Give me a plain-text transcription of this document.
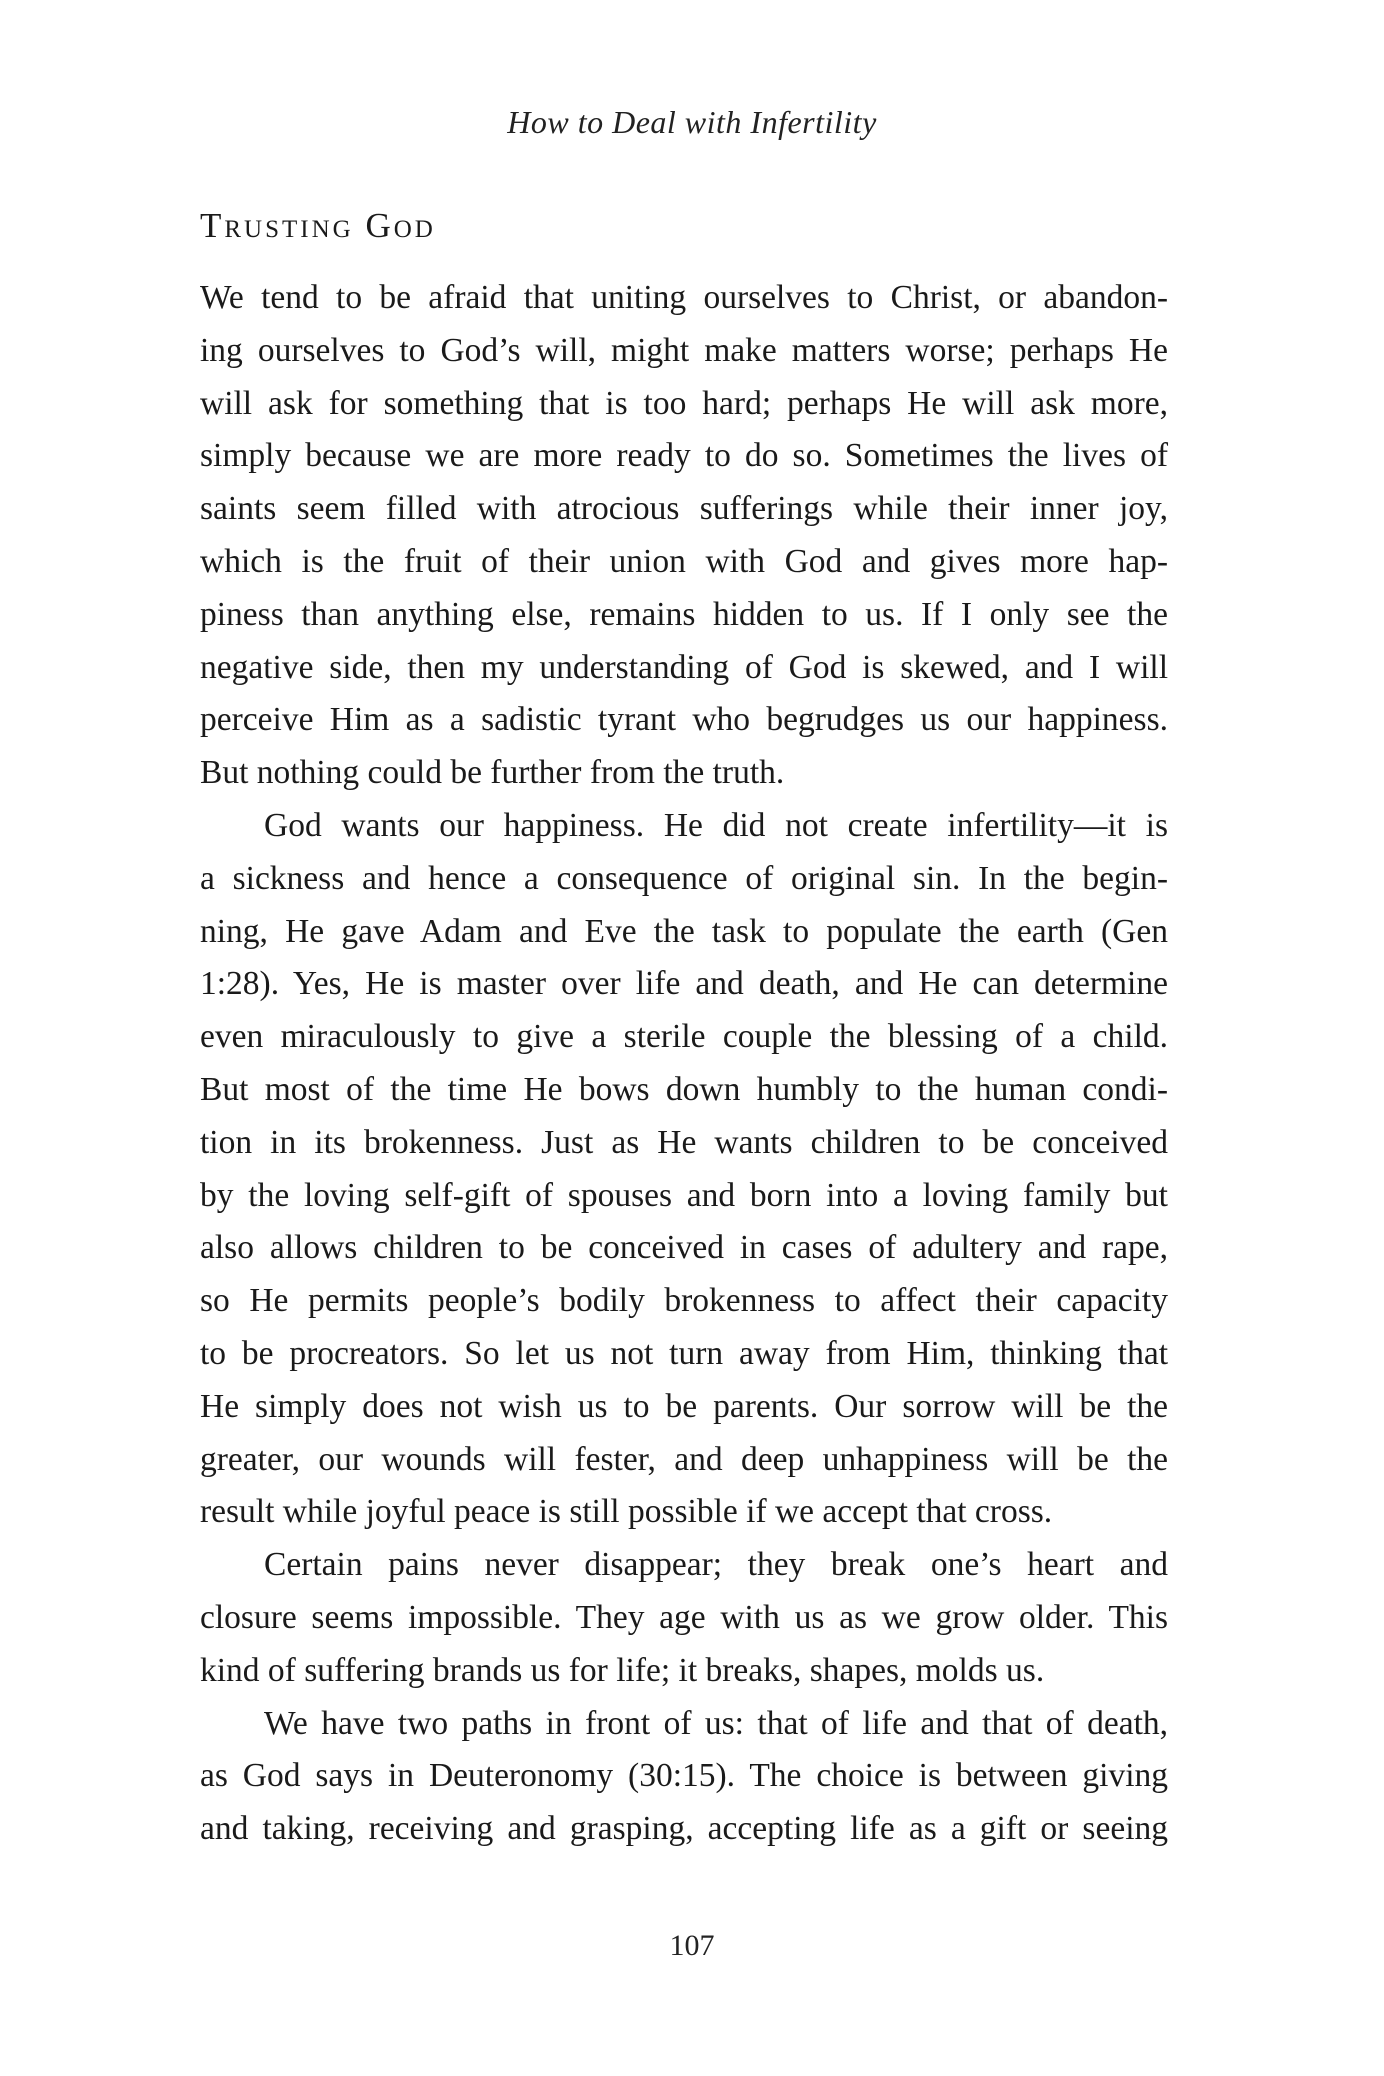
How to Deal with Infertility
Trusting God
We tend to be afraid that uniting ourselves to Christ, or abandon-
ing ourselves to God’s will, might make matters worse; perhaps He
will ask for something that is too hard; perhaps He will ask more,
simply because we are more ready to do so. Sometimes the lives of
saints seem filled with atrocious sufferings while their inner joy,
which is the fruit of their union with God and gives more hap-
piness than anything else, remains hidden to us. If I only see the
negative side, then my understanding of God is skewed, and I will
perceive Him as a sadistic tyrant who begrudges us our happiness.
But nothing could be further from the truth.
God wants our happiness. He did not create infertility—it is
a sickness and hence a consequence of original sin. In the begin-
ning, He gave Adam and Eve the task to populate the earth (Gen
1:28). Yes, He is master over life and death, and He can determine
even miraculously to give a sterile couple the blessing of a child.
But most of the time He bows down humbly to the human condi-
tion in its brokenness. Just as He wants children to be conceived
by the loving self-gift of spouses and born into a loving family but
also allows children to be conceived in cases of adultery and rape,
so He permits people’s bodily brokenness to affect their capacity
to be procreators. So let us not turn away from Him, thinking that
He simply does not wish us to be parents. Our sorrow will be the
greater, our wounds will fester, and deep unhappiness will be the
result while joyful peace is still possible if we accept that cross.
Certain pains never disappear; they break one’s heart and
closure seems impossible. They age with us as we grow older. This
kind of suffering brands us for life; it breaks, shapes, molds us.
We have two paths in front of us: that of life and that of death,
as God says in Deuteronomy (30:15). The choice is between giving
and taking, receiving and grasping, accepting life as a gift or seeing
107
